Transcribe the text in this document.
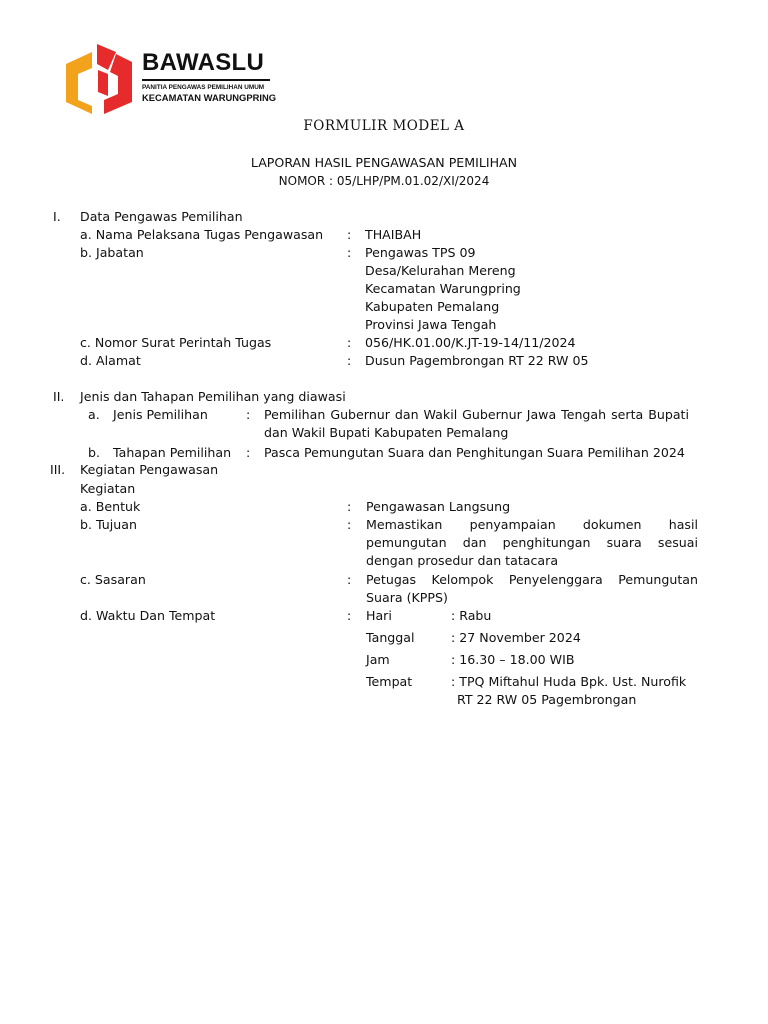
BAWASLU
PANITIA PENGAWAS PEMILIHAN UMUM
KECAMATAN WARUNGPRING
FORMULIR MODEL A
LAPORAN HASIL PENGAWASAN PEMILIHAN
NOMOR : 05/LHP/PM.01.02/XI/2024
I. Data Pengawas Pemilihan
a. Nama Pelaksana Tugas Pengawasan : THAIBAH
b. Jabatan	: Pengawas TPS 09
Desa/Kelurahan Mereng
Kecamatan Warungpring
Kabupaten Pemalang
Provinsi Jawa Tengah
c. Nomor Surat Perintah Tugas	: 056/HK.01.00/K.JT-19-14/11/2024
d. Alamat	: Dusun Pagembrongan RT 22 RW 05
II. Jenis dan Tahapan Pemilihan yang diawasi
a. Jenis Pemilihan	: Pemilihan Gubernur dan Wakil Gubernur Jawa Tengah serta Bupati dan Wakil Bupati Kabupaten Pemalang
b. Tahapan Pemilihan : Pasca Pemungutan Suara dan Penghitungan Suara Pemilihan 2024
III. Kegiatan Pengawasan
Kegiatan
a. Bentuk	: Pengawasan Langsung
b. Tujuan	: Memastikan penyampaian dokumen hasil pemungutan dan penghitungan suara sesuai dengan prosedur dan tatacara
c. Sasaran	: Petugas Kelompok Penyelenggara Pemungutan Suara (KPPS)
d. Waktu Dan Tempat	: Hari	: Rabu
Tanggal	: 27 November 2024
Jam	: 16.30 – 18.00 WIB
Tempat	: TPQ Miftahul Huda Bpk. Ust. Nurofik
RT 22 RW 05 Pagembrongan
